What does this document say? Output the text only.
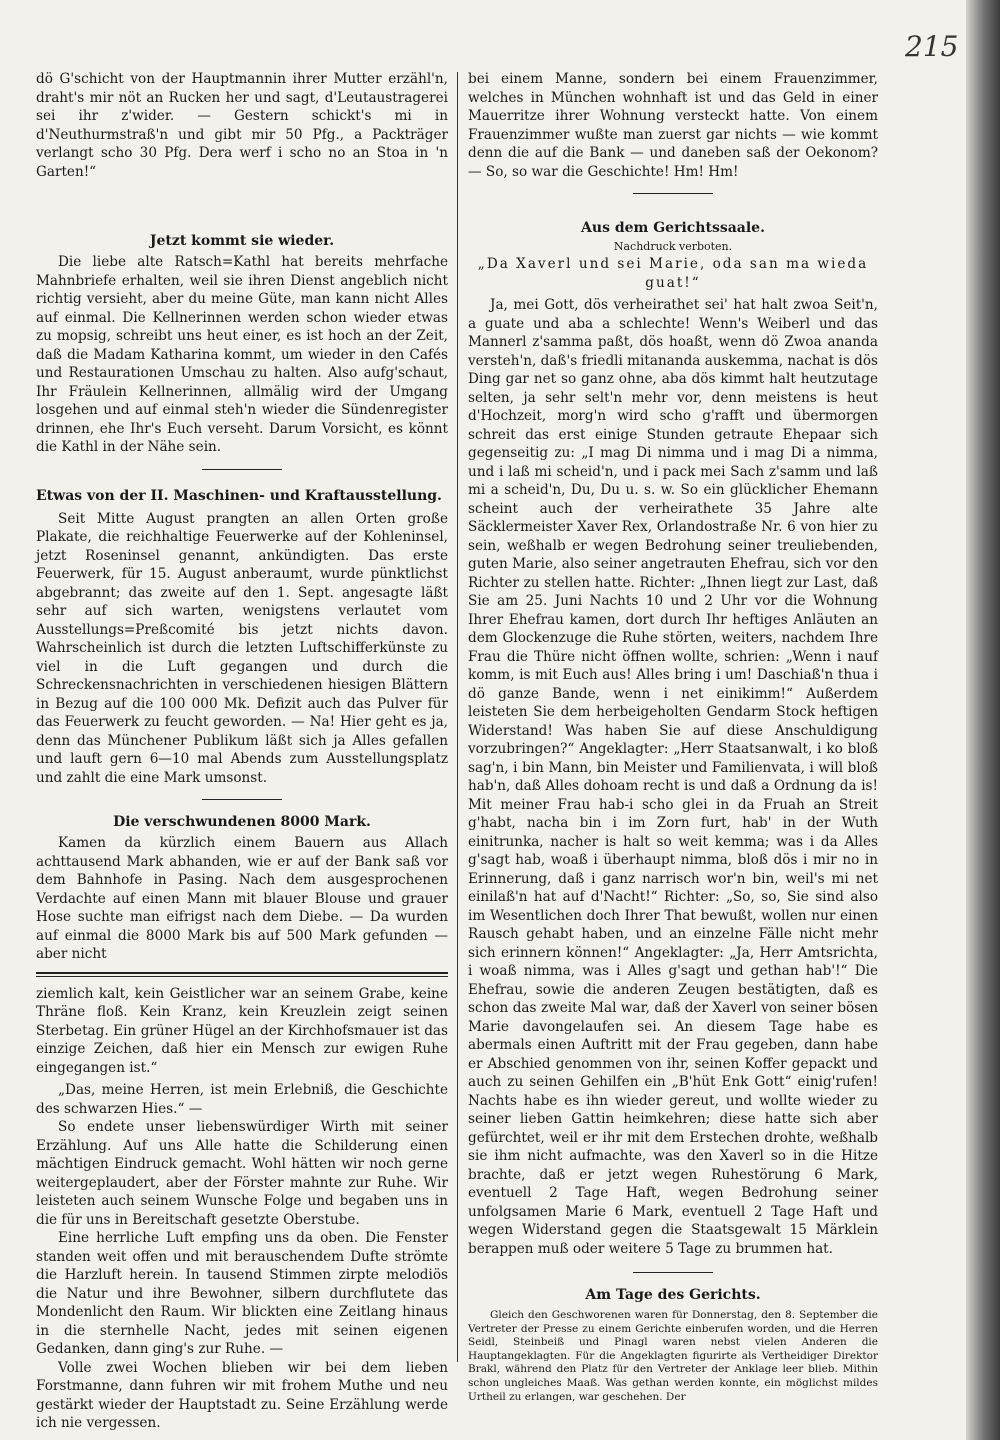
215

dö G'schicht von der Hauptmannin ihrer Mutter erzähl'n, draht's mir nöt an Rucken her und sagt, d'Leutaustragerei sei ihr z'wider. — Gestern schickt's mi in d'Neuthurmstraß'n und gibt mir 50 Pfg., a Packträger verlangt scho 30 Pfg. Dera werf i scho no an Stoa in 'n Garten!“

Jetzt kommt sie wieder.

Die liebe alte Ratsch=Kathl hat bereits mehrfache Mahnbriefe erhalten, weil sie ihren Dienst angeblich nicht richtig versieht, aber du meine Güte, man kann nicht Alles auf einmal. Die Kellnerinnen werden schon wieder etwas zu mopsig, schreibt uns heut einer, es ist hoch an der Zeit, daß die Madam Katharina kommt, um wieder in den Cafés und Restaurationen Umschau zu halten. Also aufg'schaut, Ihr Fräulein Kellnerinnen, allmälig wird der Umgang losgehen und auf einmal steh'n wieder die Sündenregister drinnen, ehe Ihr's Euch verseht. Darum Vorsicht, es könnt die Kathl in der Nähe sein.

Etwas von der II. Maschinen- und Kraftausstellung.

Seit Mitte August prangten an allen Orten große Plakate, die reichhaltige Feuerwerke auf der Kohleninsel, jetzt Roseninsel genannt, ankündigten. Das erste Feuerwerk, für 15. August anberaumt, wurde pünktlichst abgebrannt; das zweite auf den 1. Sept. angesagte läßt sehr auf sich warten, wenigstens verlautet vom Ausstellungs=Preßcomité bis jetzt nichts davon. Wahrscheinlich ist durch die letzten Luftschifferkünste zu viel in die Luft gegangen und durch die Schreckensnachrichten in verschiedenen hiesigen Blättern in Bezug auf die 100 000 Mk. Defizit auch das Pulver für das Feuerwerk zu feucht geworden. — Na! Hier geht es ja, denn das Münchener Publikum läßt sich ja Alles gefallen und lauft gern 6—10 mal Abends zum Ausstellungsplatz und zahlt die eine Mark umsonst.

Die verschwundenen 8000 Mark.

Kamen da kürzlich einem Bauern aus Allach achttausend Mark abhanden, wie er auf der Bank saß vor dem Bahnhofe in Pasing. Nach dem ausgesprochenen Verdachte auf einen Mann mit blauer Blouse und grauer Hose suchte man eifrigst nach dem Diebe. — Da wurden auf einmal die 8000 Mark bis auf 500 Mark gefunden — aber nicht

ziemlich kalt, kein Geistlicher war an seinem Grabe, keine Thräne floß. Kein Kranz, kein Kreuzlein zeigt seinen Sterbetag. Ein grüner Hügel an der Kirchhofsmauer ist das einzige Zeichen, daß hier ein Mensch zur ewigen Ruhe eingegangen ist.“

„Das, meine Herren, ist mein Erlebniß, die Geschichte des schwarzen Hies.“ —

So endete unser liebenswürdiger Wirth mit seiner Erzählung. Auf uns Alle hatte die Schilderung einen mächtigen Eindruck gemacht. Wohl hätten wir noch gerne weitergeplaudert, aber der Förster mahnte zur Ruhe. Wir leisteten auch seinem Wunsche Folge und begaben uns in die für uns in Bereitschaft gesetzte Oberstube.

Eine herrliche Luft empfing uns da oben. Die Fenster standen weit offen und mit berauschendem Dufte strömte die Harzluft herein. In tausend Stimmen zirpte melodiös die Natur und ihre Bewohner, silbern durchflutete das Mondenlicht den Raum. Wir blickten eine Zeitlang hinaus in die sternhelle Nacht, jedes mit seinen eigenen Gedanken, dann ging's zur Ruhe. —

Volle zwei Wochen blieben wir bei dem lieben Forstmanne, dann fuhren wir mit frohem Muthe und neu gestärkt wieder der Hauptstadt zu. Seine Erzählung werde ich nie vergessen.

bei einem Manne, sondern bei einem Frauenzimmer, welches in München wohnhaft ist und das Geld in einer Mauerritze ihrer Wohnung versteckt hatte. Von einem Frauenzimmer wußte man zuerst gar nichts — wie kommt denn die auf die Bank — und daneben saß der Oekonom? — So, so war die Geschichte! Hm! Hm!

Aus dem Gerichtssaale.
Nachdruck verboten.

„Da Xaverl und sei Marie, oda san ma wieda guat!“

Ja, mei Gott, dös verheirathet sei' hat halt zwoa Seit'n, a guate und aba a schlechte! Wenn's Weiberl und das Mannerl z'samma paßt, dös hoaßt, wenn dö Zwoa ananda versteh'n, daß's friedli mitananda auskemma, nachat is dös Ding gar net so ganz ohne, aba dös kimmt halt heutzutage selten, ja sehr selt'n mehr vor, denn meistens is heut d'Hochzeit, morg'n wird scho g'rafft und übermorgen schreit das erst einige Stunden getraute Ehepaar sich gegenseitig zu: „I mag Di nimma und i mag Di a nimma, und i laß mi scheid'n, und i pack mei Sach z'samm und laß mi a scheid'n, Du, Du u. s. w. So ein glücklicher Ehemann scheint auch der verheirathete 35 Jahre alte Säcklermeister Xaver Rex, Orlandostraße Nr. 6 von hier zu sein, weßhalb er wegen Bedrohung seiner treuliebenden, guten Marie, also seiner angetrauten Ehefrau, sich vor den Richter zu stellen hatte. Richter: „Ihnen liegt zur Last, daß Sie am 25. Juni Nachts 10 und 2 Uhr vor die Wohnung Ihrer Ehefrau kamen, dort durch Ihr heftiges Anläuten an dem Glockenzuge die Ruhe störten, weiters, nachdem Ihre Frau die Thüre nicht öffnen wollte, schrien: „Wenn i nauf komm, is mit Euch aus! Alles bring i um! Daschiaß'n thua i dö ganze Bande, wenn i net einikimm!“ Außerdem leisteten Sie dem herbeigeholten Gendarm Stock heftigen Widerstand! Was haben Sie auf diese Anschuldigung vorzubringen?“ Angeklagter: „Herr Staatsanwalt, i ko bloß sag'n, i bin Mann, bin Meister und Familienvata, i will bloß hab'n, daß Alles dohoam recht is und daß a Ordnung da is! Mit meiner Frau hab-i scho glei in da Fruah an Streit g'habt, nacha bin i im Zorn furt, hab' in der Wuth einitrunka, nacher is halt so weit kemma; was i da Alles g'sagt hab, woaß i überhaupt nimma, bloß dös i mir no in Erinnerung, daß i ganz narrisch wor'n bin, weil's mi net einilaß'n hat auf d'Nacht!“ Richter: „So, so, Sie sind also im Wesentlichen doch Ihrer That bewußt, wollen nur einen Rausch gehabt haben, und an einzelne Fälle nicht mehr sich erinnern können!“ Angeklagter: „Ja, Herr Amtsrichta, i woaß nimma, was i Alles g'sagt und gethan hab'!“ Die Ehefrau, sowie die anderen Zeugen bestätigten, daß es schon das zweite Mal war, daß der Xaverl von seiner bösen Marie davongelaufen sei. An diesem Tage habe es abermals einen Auftritt mit der Frau gegeben, dann habe er Abschied genommen von ihr, seinen Koffer gepackt und auch zu seinen Gehilfen ein „B'hüt Enk Gott“ einig'rufen! Nachts habe es ihn wieder gereut, und wollte wieder zu seiner lieben Gattin heimkehren; diese hatte sich aber gefürchtet, weil er ihr mit dem Erstechen drohte, weßhalb sie ihm nicht aufmachte, was den Xaverl so in die Hitze brachte, daß er jetzt wegen Ruhestörung 6 Mark, eventuell 2 Tage Haft, wegen Bedrohung seiner unfolgsamen Marie 6 Mark, eventuell 2 Tage Haft und wegen Widerstand gegen die Staatsgewalt 15 Märklein berappen muß oder weitere 5 Tage zu brummen hat.

Am Tage des Gerichts.

Gleich den Geschworenen waren für Donnerstag, den 8. September die Vertreter der Presse zu einem Gerichte einberufen worden, und die Herren Seidl, Steinbeiß und Pinagl waren nebst vielen Anderen die Hauptangeklagten. Für die Angeklagten figurirte als Vertheidiger Direktor Brakl, während den Platz für den Vertreter der Anklage leer blieb. Mithin schon ungleiches Maaß. Was gethan werden konnte, ein möglichst mildes Urtheil zu erlangen, war geschehen. Der
